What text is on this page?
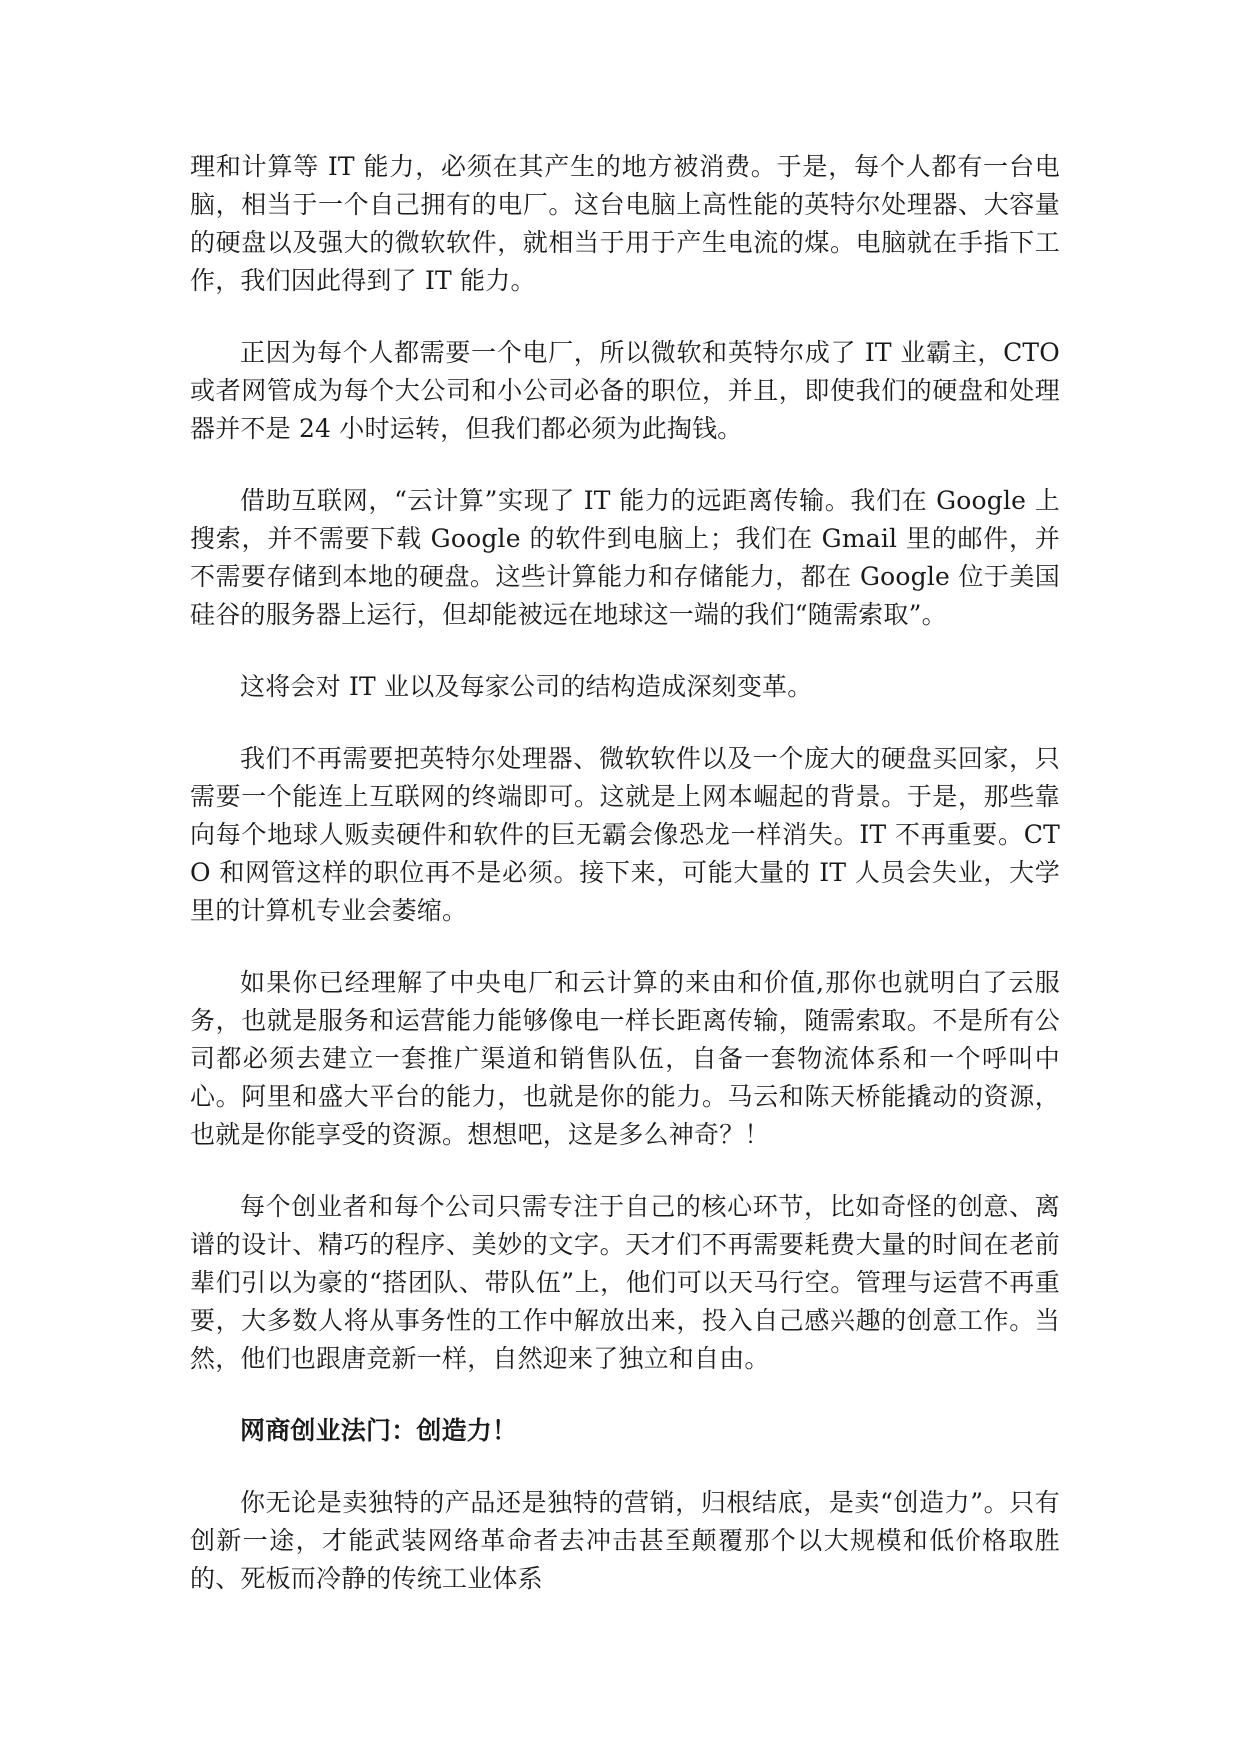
理和计算等 IT 能力，必须在其产生的地方被消费。于是，每个人都有一台电脑，相当于一个自己拥有的电厂。这台电脑上高性能的英特尔处理器、大容量的硬盘以及强大的微软软件，就相当于用于产生电流的煤。电脑就在手指下工作，我们因此得到了 IT 能力。

正因为每个人都需要一个电厂，所以微软和英特尔成了 IT 业霸主，CTO 或者网管成为每个大公司和小公司必备的职位，并且，即使我们的硬盘和处理器并不是 24 小时运转，但我们都必须为此掏钱。

借助互联网，“云计算”实现了 IT 能力的远距离传输。我们在 Google 上搜索，并不需要下载 Google 的软件到电脑上；我们在 Gmail 里的邮件，并不需要存储到本地的硬盘。这些计算能力和存储能力，都在 Google 位于美国硅谷的服务器上运行，但却能被远在地球这一端的我们“随需索取”。

这将会对 IT 业以及每家公司的结构造成深刻变革。

我们不再需要把英特尔处理器、微软软件以及一个庞大的硬盘买回家，只需要一个能连上互联网的终端即可。这就是上网本崛起的背景。于是，那些靠向每个地球人贩卖硬件和软件的巨无霸会像恐龙一样消失。IT 不再重要。CTO 和网管这样的职位再不是必须。接下来，可能大量的 IT 人员会失业，大学里的计算机专业会萎缩。

如果你已经理解了中央电厂和云计算的来由和价值,那你也就明白了云服务，也就是服务和运营能力能够像电一样长距离传输，随需索取。不是所有公司都必须去建立一套推广渠道和销售队伍，自备一套物流体系和一个呼叫中心。阿里和盛大平台的能力，也就是你的能力。马云和陈天桥能撬动的资源，也就是你能享受的资源。想想吧，这是多么神奇？！

每个创业者和每个公司只需专注于自己的核心环节，比如奇怪的创意、离谱的设计、精巧的程序、美妙的文字。天才们不再需要耗费大量的时间在老前辈们引以为豪的“搭团队、带队伍”上，他们可以天马行空。管理与运营不再重要，大多数人将从事务性的工作中解放出来，投入自己感兴趣的创意工作。当然，他们也跟唐竞新一样，自然迎来了独立和自由。

网商创业法门：创造力！

你无论是卖独特的产品还是独特的营销，归根结底，是卖“创造力”。只有创新一途，才能武装网络革命者去冲击甚至颠覆那个以大规模和低价格取胜的、死板而冷静的传统工业体系
